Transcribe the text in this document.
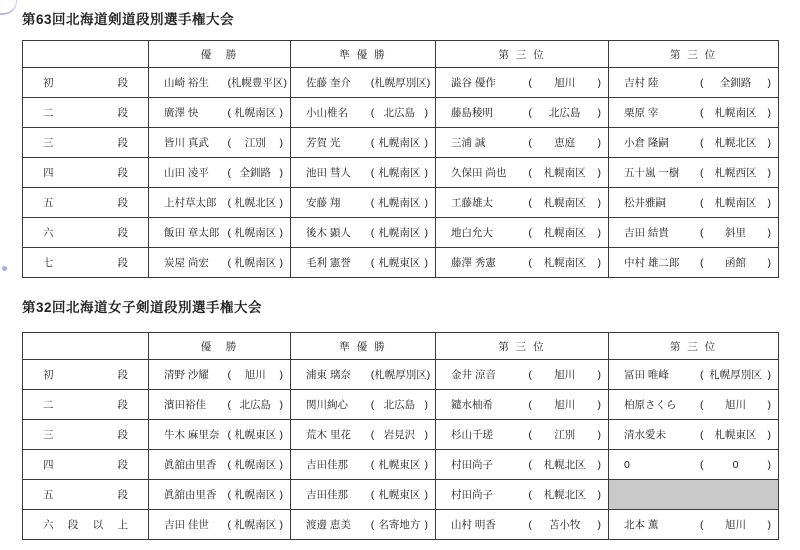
第63回北海道剣道段別選手権大会
	優　勝	準 優 勝	第 三 位	第 三 位
初段	山崎 裕生 ( 札幌豊平区 )	佐藤 奎介 ( 札幌厚別区 )	澁谷 優作 ( 旭川 )	吉村 陸 ( 全釧路 )

二段	廣澤 快 ( 札幌南区 )	小山椎名 ( 北広島 )	藤島稜明 ( 北広島 )	栗原 宰 ( 札幌南区 )

三段	皆川 真武 ( 江別 )	芳賀 光 ( 札幌南区 )	三浦 誠 ( 恵庭 )	小倉 隆嗣 ( 札幌北区 )

四段	山田 凌平 ( 全釧路 )	池田 彗人 ( 札幌南区 )	久保田 尚也 ( 札幌南区 )	五十嵐 一樹 ( 札幌西区 )

五段	上村草太郎 ( 札幌北区 )	安藤 翔 ( 札幌南区 )	工藤雄太 ( 札幌南区 )	松井雅嗣 ( 札幌南区 )

六段	飯田 章太郎 ( 札幌南区 )	後木 顕人 ( 札幌南区 )	地白允大 ( 札幌南区 )	吉田 結貴 ( 斜里 )

七段	炭屋 尚宏 ( 札幌南区 )	毛利 憲誉 ( 札幌東区 )	藤澤 秀憲 ( 札幌南区 )	中村 雄二郎 ( 函館 )
第32回北海道女子剣道段別選手権大会
	優　勝	準 優 勝	第 三 位	第 三 位
初段	清野 沙耀 ( 旭川 )	浦東 璃奈 ( 札幌厚別区 )	金井 涼音 ( 旭川 )	冨田 唯峰 ( 札幌厚別区 )

二段	濱田裕佳 ( 北広島 )	関川絢心 ( 北広島 )	鑓水柚希 ( 旭川 )	柏原さくら ( 旭川 )

三段	牛木 麻里奈 ( 札幌東区 )	荒木 里花 ( 岩見沢 )	杉山千瑳 ( 江別 )	清水愛未 ( 札幌東区 )

四段	眞舘由里香 ( 札幌南区 )	吉田佳那 ( 札幌東区 )	村田尚子 ( 札幌北区 )	0 ( 0 )

五段	眞舘由里香 ( 札幌南区 )	吉田佳那 ( 札幌東区 )	村田尚子 ( 札幌北区 )	

六段以上	吉田 佳世 ( 札幌南区 )	渡邊 恵美 ( 名寄地方 )	山村 明香 ( 苫小牧 )	北本 薫 ( 旭川 )
